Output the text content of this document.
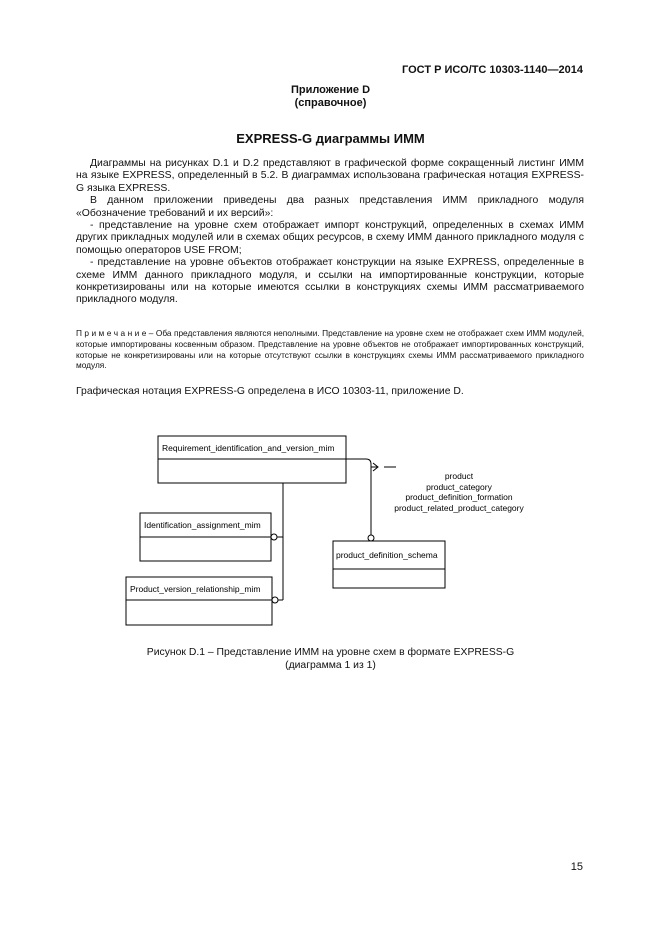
ГОСТ Р ИСО/ТС 10303-1140—2014
Приложение D
(справочное)
EXPRESS-G диаграммы ИММ

Диаграммы на рисунках D.1 и D.2 представляют в графической форме сокращенный листинг ИММ на языке EXPRESS, определенный в 5.2. В диаграммах использована графическая нотация EXPRESS-G языка EXPRESS.

В данном приложении приведены два разных представления ИММ прикладного модуля «Обозначение требований и их версий»:

- представление на уровне схем отображает импорт конструкций, определенных в схемах ИММ других прикладных модулей или в схемах общих ресурсов, в схему ИММ данного прикладного модуля с помощью операторов USE FROM;

- представление на уровне объектов отображает конструкции на языке EXPRESS, определенные в схеме ИММ данного прикладного модуля, и ссылки на импортированные конструкции, которые конкретизированы или на которые имеются ссылки в конструкциях схемы ИММ рассматриваемого прикладного модуля.

П р и м е ч а н и е – Оба представления являются неполными. Представление на уровне схем не отображает схем ИММ модулей, которые импортированы косвенным образом. Представление на уровне объектов не отображает импортированных конструкций, которые не конкретизированы или на которые отсутствуют ссылки в конструкциях схемы ИММ рассматриваемого прикладного модуля.
Графическая нотация EXPRESS-G определена в ИСО 10303-11, приложение D.
Requirement_identification_and_version_mim
Identification_assignment_mim
Product_version_relationship_mim
product_definition_schema
product
product_category
product_definition_formation
product_related_product_category
Рисунок D.1 – Представление ИММ на уровне схем в формате EXPRESS-G
(диаграмма 1 из 1)
15
